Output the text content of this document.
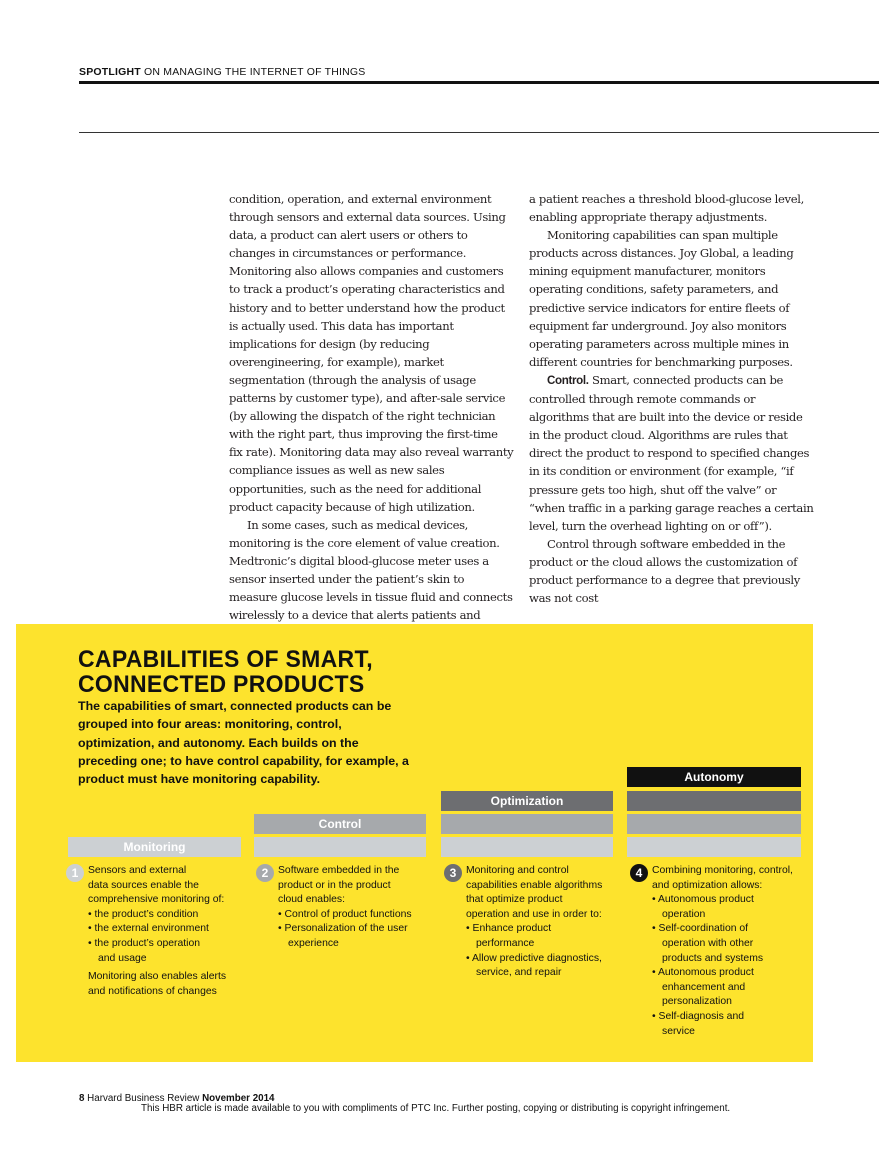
SPOTLIGHT ON MANAGING THE INTERNET OF THINGS

condition, operation, and external environment through sensors and external data sources. Using data, a product can alert users or others to changes in circumstances or performance. Monitoring also allows companies and customers to track a product’s operating characteristics and history and to better understand how the product is actually used. This data has important implications for design (by reducing overengineering, for example), market segmentation (through the analysis of usage patterns by customer type), and after-sale service (by allowing the dispatch of the right technician with the right part, thus improving the first-time fix rate). Monitoring data may also reveal warranty compliance issues as well as new sales opportunities, such as the need for additional product capacity because of high utilization.

In some cases, such as medical devices, monitoring is the core element of value creation. Medtronic’s digital blood-glucose meter uses a sensor inserted under the patient’s skin to measure glucose levels in tissue fluid and connects wirelessly to a device that alerts patients and

a patient reaches a threshold blood-glucose level, enabling appropriate therapy adjustments.

Monitoring capabilities can span multiple products across distances. Joy Global, a leading mining equipment manufacturer, monitors operating conditions, safety parameters, and predictive service indicators for entire fleets of equipment far underground. Joy also monitors operating parameters across multiple mines in different countries for benchmarking purposes.

Control. Smart, connected products can be controlled through remote commands or algorithms that are built into the device or reside in the product cloud. Algorithms are rules that direct the product to respond to specified changes in its condition or environment (for example, “if pressure gets too high, shut off the valve” or “when traffic in a parking garage reaches a certain level, turn the overhead lighting on or off”).

Control through software embedded in the product or the cloud allows the customization of product performance to a degree that previously was not cost

CAPABILITIES OF SMART,
CONNECTED PRODUCTS
The capabilities of smart, connected products can be grouped into four areas: monitoring, control, optimization, and autonomy. Each builds on the preceding one; to have control capability, for example, a product must have monitoring capability.	Autonomy
Optimization
Control
Monitoring
1 Sensors and external
data sources enable the
comprehensive monitoring of:
• the product’s condition
• the external environment
• the product’s operation and usage
Monitoring also enables alerts
and notifications of changes
2 Software embedded in the
product or in the product
cloud enables:
• Control of product functions
• Personalization of the user experience
3 Monitoring and control
capabilities enable algorithms
that optimize product
operation and use in order to:
• Enhance product performance
• Allow predictive diagnostics, service, and repair
4 Combining monitoring, control,
and optimization allows:
• Autonomous product operation
• Self-coordination of operation with other products and systems
• Autonomous product enhancement and personalization
• Self-diagnosis and service
8 Harvard Business Review November 2014
This HBR article is made available to you with compliments of PTC Inc. Further posting, copying or distributing is copyright infringement.
